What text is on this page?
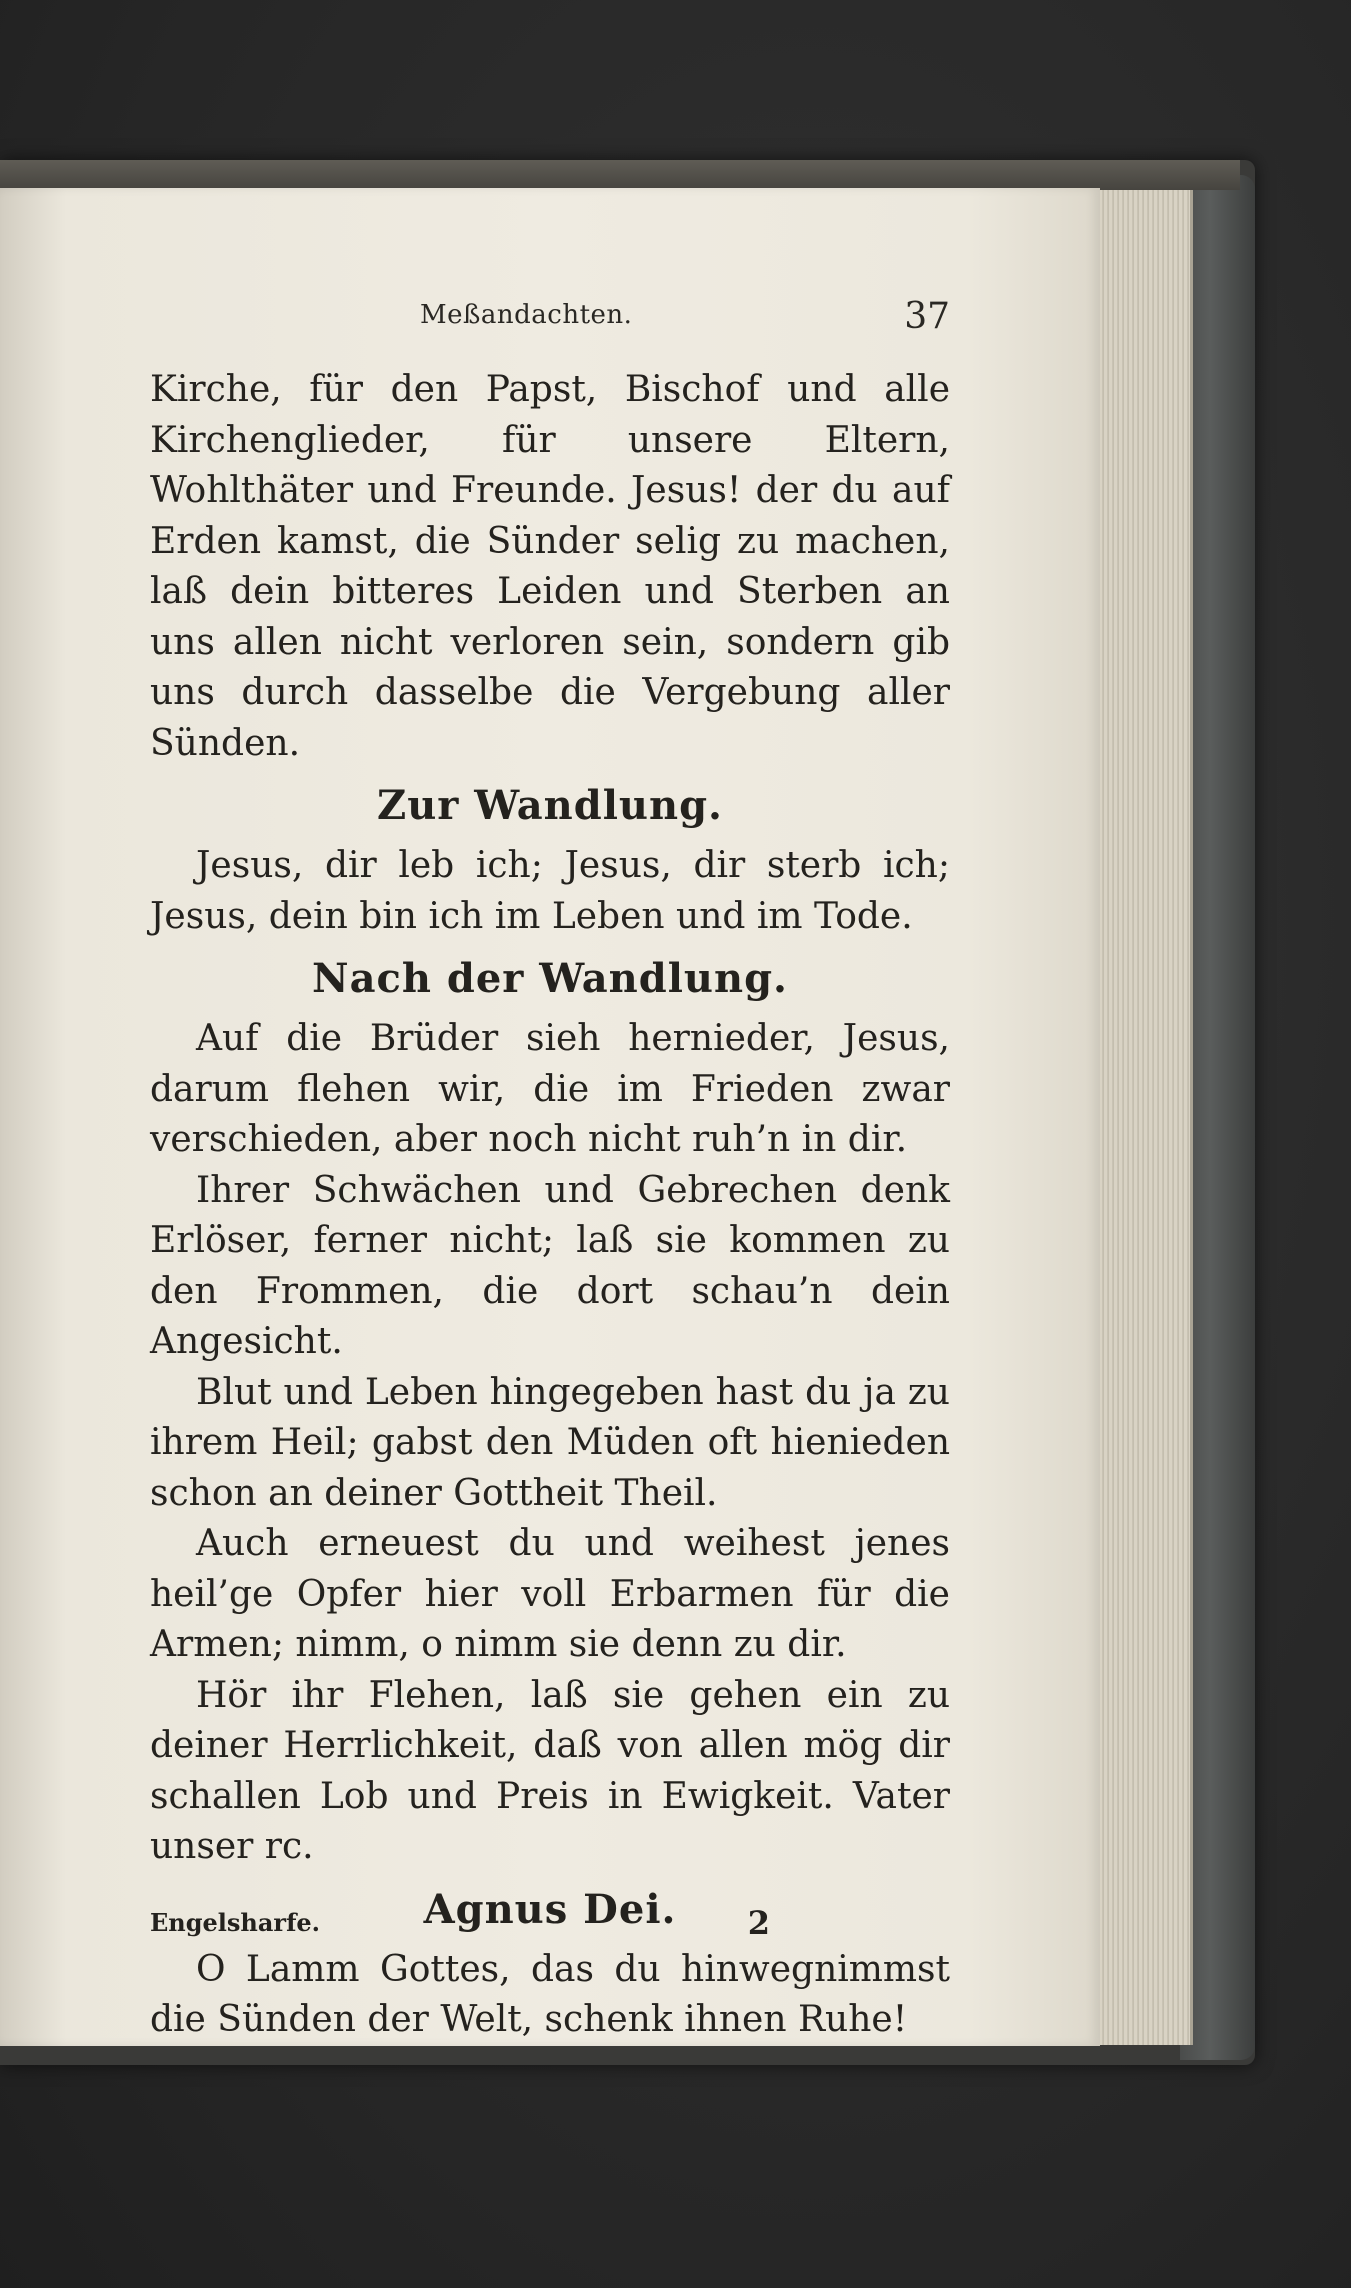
Meßandachten.	37

Kirche, für den Papst, Bischof und alle Kirchenglieder, für unsere Eltern, Wohlthäter und Freunde. Jesus! der du auf Erden kamst, die Sünder selig zu machen, laß dein bitteres Leiden und Sterben an uns allen nicht verloren sein, sondern gib uns durch dasselbe die Vergebung aller Sünden.

Zur Wandlung.

Jesus, dir leb ich; Jesus, dir sterb ich; Jesus, dein bin ich im Leben und im Tode.

Nach der Wandlung.

Auf die Brüder sieh hernieder, Jesus, darum flehen wir, die im Frieden zwar verschieden, aber noch nicht ruh’n in dir.

Ihrer Schwächen und Gebrechen denk Erlöser, ferner nicht; laß sie kommen zu den Frommen, die dort schau’n dein Angesicht.

Blut und Leben hingegeben hast du ja zu ihrem Heil; gabst den Müden oft hienieden schon an deiner Gottheit Theil.

Auch erneuest du und weihest jenes heil’ge Opfer hier voll Erbarmen für die Armen; nimm, o nimm sie denn zu dir.

Hör ihr Flehen, laß sie gehen ein zu deiner Herrlichkeit, daß von allen mög dir schallen Lob und Preis in Ewigkeit. Vater unser rc.

Agnus Dei.

O Lamm Gottes, das du hinwegnimmst die Sünden der Welt, schenk ihnen Ruhe!

Engelsharfe.	2
